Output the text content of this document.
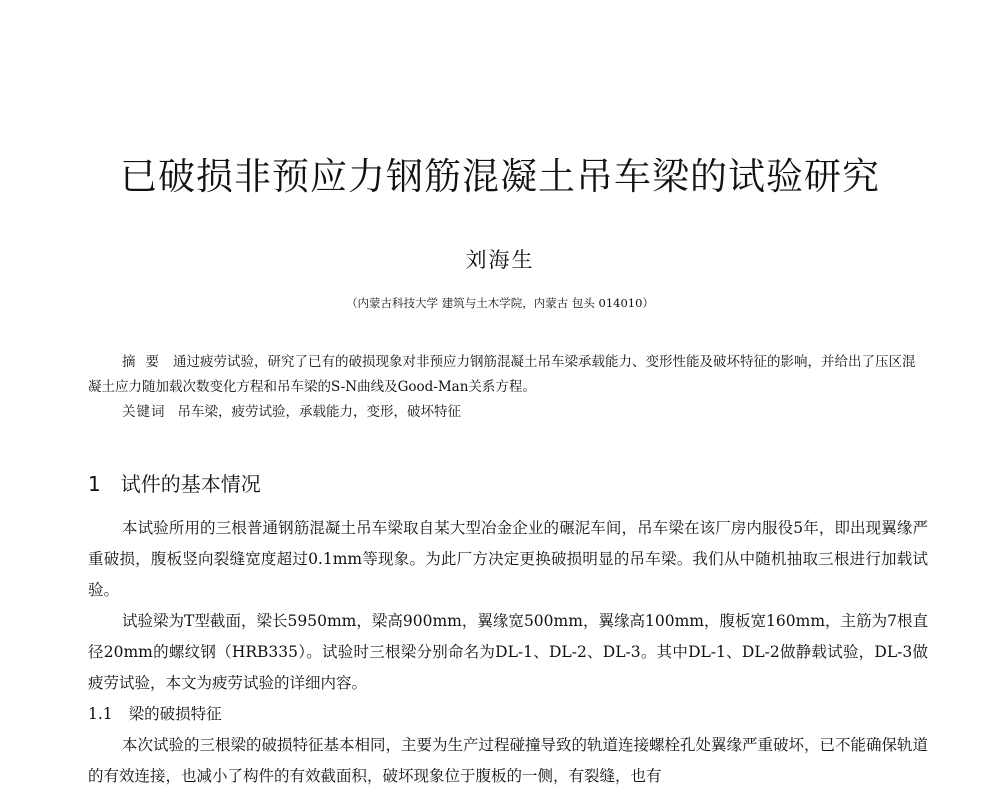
已破损非预应力钢筋混凝土吊车梁的试验研究
刘海生
（内蒙古科技大学 建筑与土木学院，内蒙古 包头 014010）

摘要 通过疲劳试验，研究了已有的破损现象对非预应力钢筋混凝土吊车梁承载能力、变形性能及破坏特征的影响，并给出了压区混凝土应力随加载次数变化方程和吊车梁的S-N曲线及Good-Man关系方程。

关键词 吊车梁，疲劳试验，承载能力，变形，破坏特征

1 试件的基本情况

本试验所用的三根普通钢筋混凝土吊车梁取自某大型冶金企业的碾泥车间，吊车梁在该厂房内服役5年，即出现翼缘严重破损，腹板竖向裂缝宽度超过0.1mm等现象。为此厂方决定更换破损明显的吊车梁。我们从中随机抽取三根进行加载试验。

试验梁为T型截面，梁长5950mm，梁高900mm，翼缘宽500mm，翼缘高100mm，腹板宽160mm，主筋为7根直径20mm的螺纹钢（HRB335）。试验时三根梁分别命名为DL-1、DL-2、DL-3。其中DL-1、DL-2做静载试验，DL-3做疲劳试验，本文为疲劳试验的详细内容。

1.1 梁的破损特征

本次试验的三根梁的破损特征基本相同，主要为生产过程碰撞导致的轨道连接螺栓孔处翼缘严重破坏，已不能确保轨道的有效连接，也减小了构件的有效截面积，破坏现象位于腹板的一侧，有裂缝，也有
